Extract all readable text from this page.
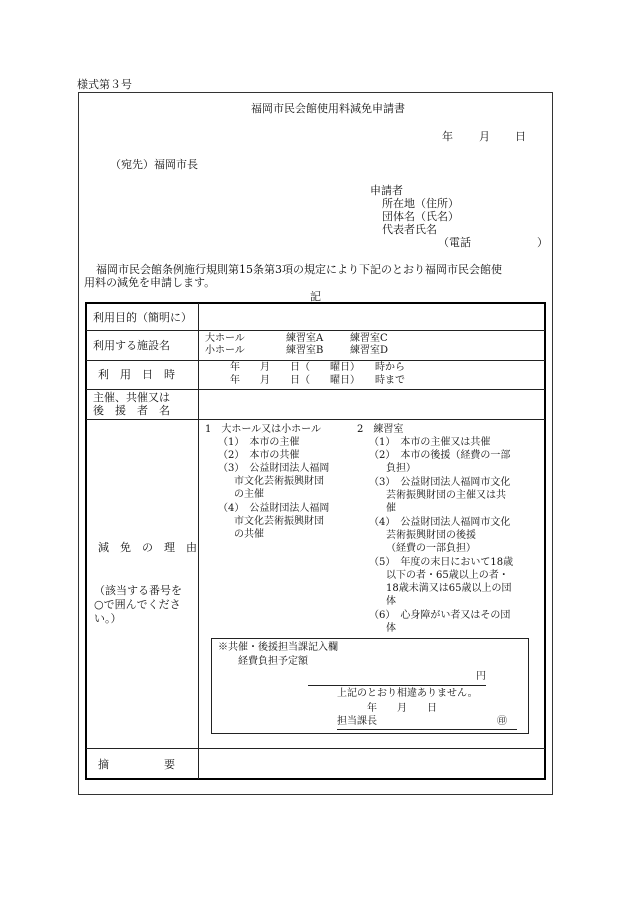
様式第３号
福岡市民会館使用料減免申請書
年 月 日
（宛先）福岡市長
申請者
所在地（住所）
団体名（氏名）
代表者氏名
（電話　　　　　　）
福岡市民会館条例施行規則第15条第3項の規定により下記のとおり福岡市民会館使
用料の減免を申請します。
記
利用目的（簡明に）
利用する施設名
大ホール
小ホール
練習室A
練習室B
練習室C
練習室D
利　用　日　時
年　　月　　日（　　曜日）　　時から
年　　月　　日（　　曜日）　　時まで
主催、共催又は
後　援　者　名
減　免　の　理　由
（該当する番号を
○で囲んでくださ
い。）
1　大ホール又は小ホール
（1）　本市の主催
（2）　本市の共催
（3）　公益財団法人福岡
市文化芸術振興財団
の主催
（4）　公益財団法人福岡
市文化芸術振興財団
の共催
2　練習室
（1）　本市の主催又は共催
（2）　本市の後援（経費の一部
負担）
（3）　公益財団法人福岡市文化
芸術振興財団の主催又は共
催
（4）　公益財団法人福岡市文化
芸術振興財団の後援
（経費の一部負担）
（5）　年度の末日において18歳
以下の者・65歳以上の者・
18歳未満又は65歳以上の団
体
（6）　心身障がい者又はその団
体
※共催・後援担当課記入欄
経費負担予定額
円
上記のとおり相違ありません。
年　　月　　日
担当課長	㊞
摘　　　　　要
